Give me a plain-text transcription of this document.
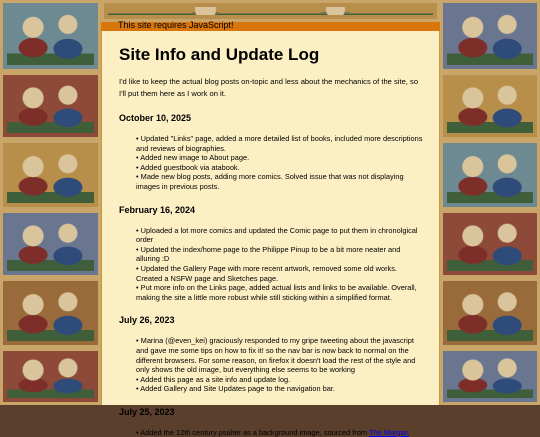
This site requires JavaScript!
Site Info and Update Log

I'd like to keep the actual blog posts on-topic and less about the mechanics of the site, so I'll put them here as I work on it.

October 10, 2025
• Updated "Links" page, added a more detailed list of books, included more descriptions and reviews of biographies.
• Added new image to About page.
• Added guestbook via atabook.
• Made new blog posts, adding more comics. Solved issue that was not displaying images in previous posts.
February 16, 2024
• Uploaded a lot more comics and updated the Comic page to put them in chronolgical order
• Updated the index/home page to the Philippe Pinup to be a bit more neater and alluring :D
• Updated the Gallery Page with more recent artwork, removed some old works. Created a NSFW page and Sketches page.
• Put more info on the Links page, added actual lists and links to be available. Overall, making the site a little more robust while still sticking within a simplified format.
July 26, 2023
• Marina (@even_kei) graciously responded to my gripe tweeting about the javascript and gave me some tips on how to fix it! so the nav bar is now back to normal on the different browsers. For some reason, on firefox it doesn't load the rest of the style and only shows the old image, but everything else seems to be working
• Added this page as a site info and update log.
• Added Gallery and Site Updates page to the navigation bar.
July 25, 2023
• Added the 12th century psalter as a background image, sourced from The Morgan
